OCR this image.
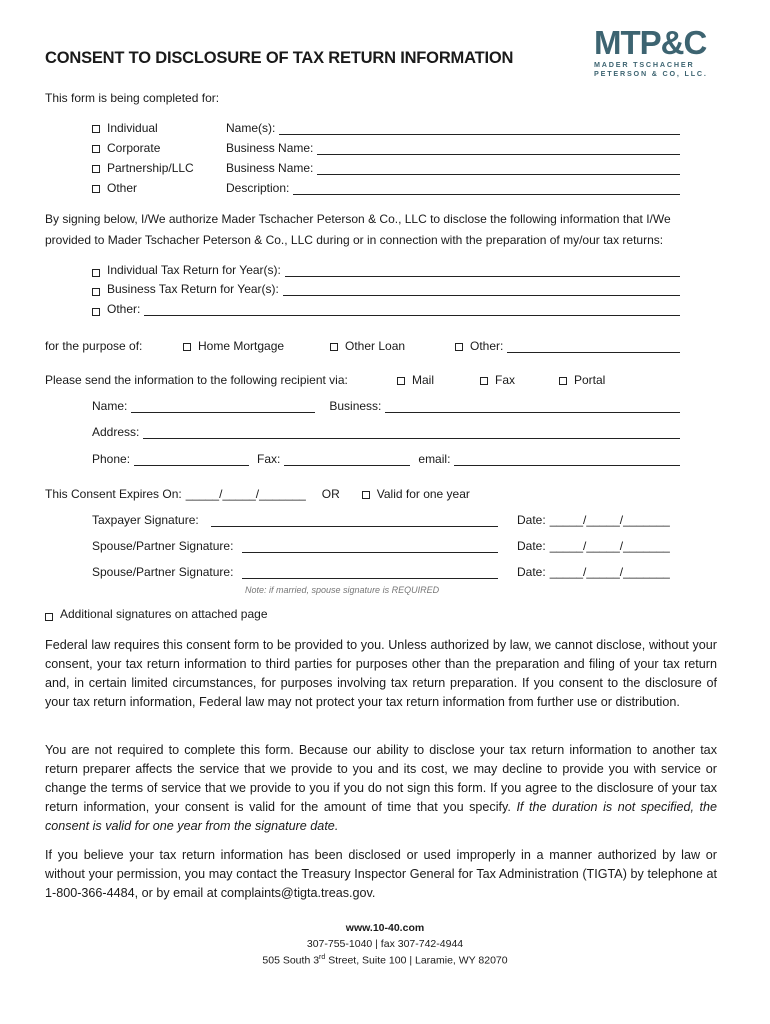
CONSENT TO DISCLOSURE OF TAX RETURN INFORMATION MTP&C
MADER TSCHACHER
PETERSON & CO, LLC.
This form is being completed for:
Individual	Name(s):
Corporate	Business Name:
Partnership/LLC	Business Name:
Other	Description:
By signing below, I/We authorize Mader Tschacher Peterson & Co., LLC to disclose the following information that I/We provided to Mader Tschacher Peterson & Co., LLC during or in connection with the preparation of my/our tax returns:
Individual Tax Return for Year(s):
Business Tax Return for Year(s):
Other:
for the purpose of:	Home Mortgage	Other Loan	Other:
Please send the information to the following recipient via:	Mail	Fax	Portal
Name:	Business:
Address:
Phone:	Fax:	email:
This Consent Expires On: _____/_____/_______	OR	Valid for one year
Taxpayer Signature:	Date: _____/_____/_______
Spouse/Partner Signature:	Date: _____/_____/_______
Spouse/Partner Signature:	Date: _____/_____/_______
Note: if married, spouse signature is REQUIRED
Additional signatures on attached page
Federal law requires this consent form to be provided to you. Unless authorized by law, we cannot disclose, without your consent, your tax return information to third parties for purposes other than the preparation and filing of your tax return and, in certain limited circumstances, for purposes involving tax return preparation. If you consent to the disclosure of your tax return information, Federal law may not protect your tax return information from further use or distribution.
You are not required to complete this form. Because our ability to disclose your tax return information to another tax return preparer affects the service that we provide to you and its cost, we may decline to provide you with service or change the terms of service that we provide to you if you do not sign this form. If you agree to the disclosure of your tax return information, your consent is valid for the amount of time that you specify. If the duration is not specified, the consent is valid for one year from the signature date.
If you believe your tax return information has been disclosed or used improperly in a manner authorized by law or without your permission, you may contact the Treasury Inspector General for Tax Administration (TIGTA) by telephone at 1-800-366-4484, or by email at complaints@tigta.treas.gov.
www.10-40.com
307-755-1040 | fax 307-742-4944
505 South 3rd Street, Suite 100 | Laramie, WY 82070
